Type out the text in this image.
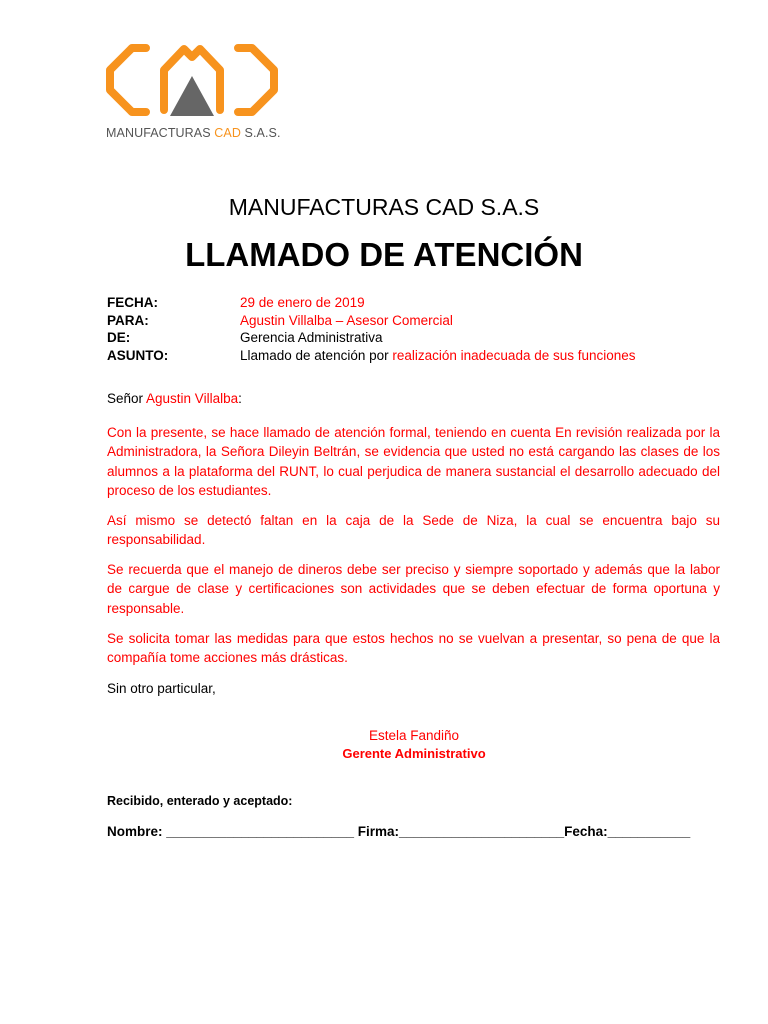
MANUFACTURAS CAD S.A.S.
MANUFACTURAS CAD S.A.S
LLAMADO DE ATENCIÓN
FECHA:	29 de enero de 2019
PARA:	Agustin Villalba – Asesor Comercial
DE:	Gerencia Administrativa
ASUNTO:	Llamado de atención por realización inadecuada de sus funciones
Señor Agustin Villalba:

Con la presente, se hace llamado de atención formal, teniendo en cuenta En revisión realizada por la Administradora, la Señora Dileyin Beltrán, se evidencia que usted no está cargando las clases de los alumnos a la plataforma del RUNT, lo cual perjudica de manera sustancial el desarrollo adecuado del proceso de los estudiantes.

Así mismo se detectó faltan en la caja de la Sede de Niza, la cual se encuentra bajo su responsabilidad.

Se recuerda que el manejo de dineros debe ser preciso y siempre soportado y además que la labor de cargue de clase y certificaciones son actividades que se deben efectuar de forma oportuna y responsable.

Se solicita tomar las medidas para que estos hechos no se vuelvan a presentar, so pena de que la compañía tome acciones más drásticas.

Sin otro particular,
Estela Fandiño
Gerente Administrativo
Recibido, enterado y aceptado:
Nombre: _________________________ Firma:______________________Fecha:___________
